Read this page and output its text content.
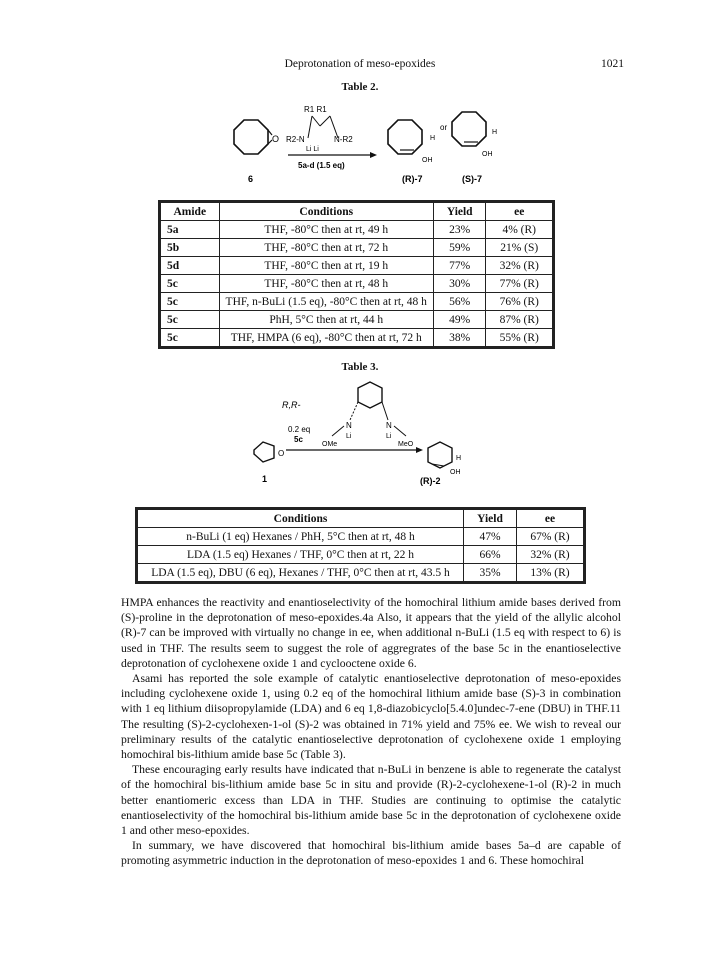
Deprotonation of meso-epoxides	1021
Table 2.
O
6
R1 R1
R2-N	N-R2
Li Li
5a-d (1.5 eq)
H
OH
(R)-7
or
H
OH
(S)-7
Amide	Conditions	Yield	ee
5a	THF, -80°C then at rt, 49 h	23%	4% (R)
5b	THF, -80°C then at rt, 72 h	59%	21% (S)
5d	THF, -80°C then at rt, 19 h	77%	32% (R)
5c	THF, -80°C then at rt, 48 h	30%	77% (R)
5c	THF, n-BuLi (1.5 eq), -80°C then at rt, 48 h	56%	76% (R)
5c	PhH, 5°C then at rt, 44 h	49%	87% (R)
5c	THF, HMPA (6 eq), -80°C then at rt, 72 h	38%	55% (R)
Table 3.
R,R-
N	N
Li	Li
0.2 eq
5c
OMe	MeO
O
1
H
OH
(R)-2
Conditions	Yield	ee
n-BuLi (1 eq) Hexanes / PhH, 5°C then at rt, 48 h	47%	67% (R)
LDA (1.5 eq) Hexanes / THF, 0°C then at rt, 22 h	66%	32% (R)
LDA (1.5 eq), DBU (6 eq), Hexanes / THF, 0°C then at rt, 43.5 h	35%	13% (R)

HMPA enhances the reactivity and enantioselectivity of the homochiral lithium amide bases derived from (S)-proline in the deprotonation of meso-epoxides.4a Also, it appears that the yield of the allylic alcohol (R)-7 can be improved with virtually no change in ee, when additional n-BuLi (1.5 eq with respect to 6) is used in THF. The results seem to suggest the role of aggregrates of the base 5c in the enantioselective deprotonation of cyclohexene oxide 1 and cyclooctene oxide 6.

Asami has reported the sole example of catalytic enantioselective deprotonation of meso-epoxides including cyclohexene oxide 1, using 0.2 eq of the homochiral lithium amide base (S)-3 in combination with 1 eq lithium diisopropylamide (LDA) and 6 eq 1,8-diazobicyclo[5.4.0]undec-7-ene (DBU) in THF.11 The resulting (S)-2-cyclohexen-1-ol (S)-2 was obtained in 71% yield and 75% ee. We wish to reveal our preliminary results of the catalytic enantioselective deprotonation of cyclohexene oxide 1 employing homochiral bis-lithium amide base 5c (Table 3).

These encouraging early results have indicated that n-BuLi in benzene is able to regenerate the catalyst of the homochiral bis-lithium amide base 5c in situ and provide (R)-2-cyclohexene-1-ol (R)-2 in much better enantiomeric excess than LDA in THF. Studies are continuing to optimise the catalytic enantioselectivity of the homochiral bis-lithium amide base 5c in the deprotonation of cyclohexene oxide 1 and other meso-epoxides.

In summary, we have discovered that homochiral bis-lithium amide bases 5a–d are capable of promoting asymmetric induction in the deprotonation of meso-epoxides 1 and 6. These homochiral
